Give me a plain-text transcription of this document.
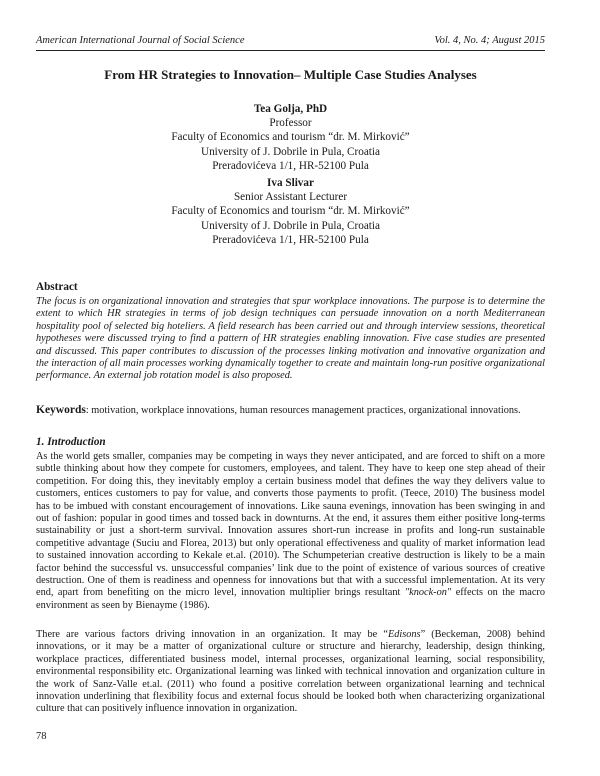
American International Journal of Social Science	Vol. 4, No. 4; August 2015
From HR Strategies to Innovation– Multiple Case Studies Analyses
Tea Golja, PhD
Professor
Faculty of Economics and tourism “dr. M. Mirković”
University of J. Dobrile in Pula, Croatia
Preradovićeva 1/1, HR-52100 Pula
Iva Slivar
Senior Assistant Lecturer
Faculty of Economics and tourism “dr. M. Mirković”
University of J. Dobrile in Pula, Croatia
Preradovićeva 1/1, HR-52100 Pula
Abstract
The focus is on organizational innovation and strategies that spur workplace innovations. The purpose is to determine the extent to which HR strategies in terms of job design techniques can persuade innovation on a north Mediterranean hospitality pool of selected big hoteliers. A field research has been carried out and through interview sessions, theoretical hypotheses were discussed trying to find a pattern of HR strategies enabling innovation. Five case studies are presented and discussed. This paper contributes to discussion of the processes linking motivation and innovative organization and the interaction of all main processes working dynamically together to create and maintain long-run positive organizational performance. An external job rotation model is also proposed.
Keywords: motivation, workplace innovations, human resources management practices, organizational innovations.
1. Introduction
As the world gets smaller, companies may be competing in ways they never anticipated, and are forced to shift on a more subtle thinking about how they compete for customers, employees, and talent. They have to keep one step ahead of their competition. For doing this, they inevitably employ a certain business model that defines the way they delivers value to customers, entices customers to pay for value, and converts those payments to profit. (Teece, 2010) The business model has to be imbued with constant encouragement of innovations. Like sauna evenings, innovation has been swinging in and out of fashion: popular in good times and tossed back in downturns. At the end, it assures them either positive long-terms sustainability or just a short-term survival. Innovation assures short-run increase in profits and long-run sustainable competitive advantage (Suciu and Florea, 2013) but only operational effectiveness and quality of market information lead to sustained innovation according to Kekale et.al. (2010). The Schumpeterian creative destruction is likely to be a main factor behind the successful vs. unsuccessful companies’ link due to the point of existence of various sources of creative destruction. One of them is readiness and openness for innovations but that with a successful implementation. At its very end, apart from benefiting on the micro level, innovation multiplier brings resultant "knock-on" effects on the macro environment as seen by Bienayme (1986).
There are various factors driving innovation in an organization. It may be “Edisons” (Beckeman, 2008) behind innovations, or it may be a matter of organizational culture or structure and hierarchy, leadership, design thinking, workplace practices, differentiated business model, internal processes, organizational learning, social responsibility, environmental responsibility etc. Organizational learning was linked with technical innovation and organization culture in the work of Sanz-Valle et.al. (2011) who found a positive correlation between organizational learning and technical innovation underlining that flexibility focus and external focus should be looked both when characterizing organizational culture that can positively influence innovation in organization.
78
